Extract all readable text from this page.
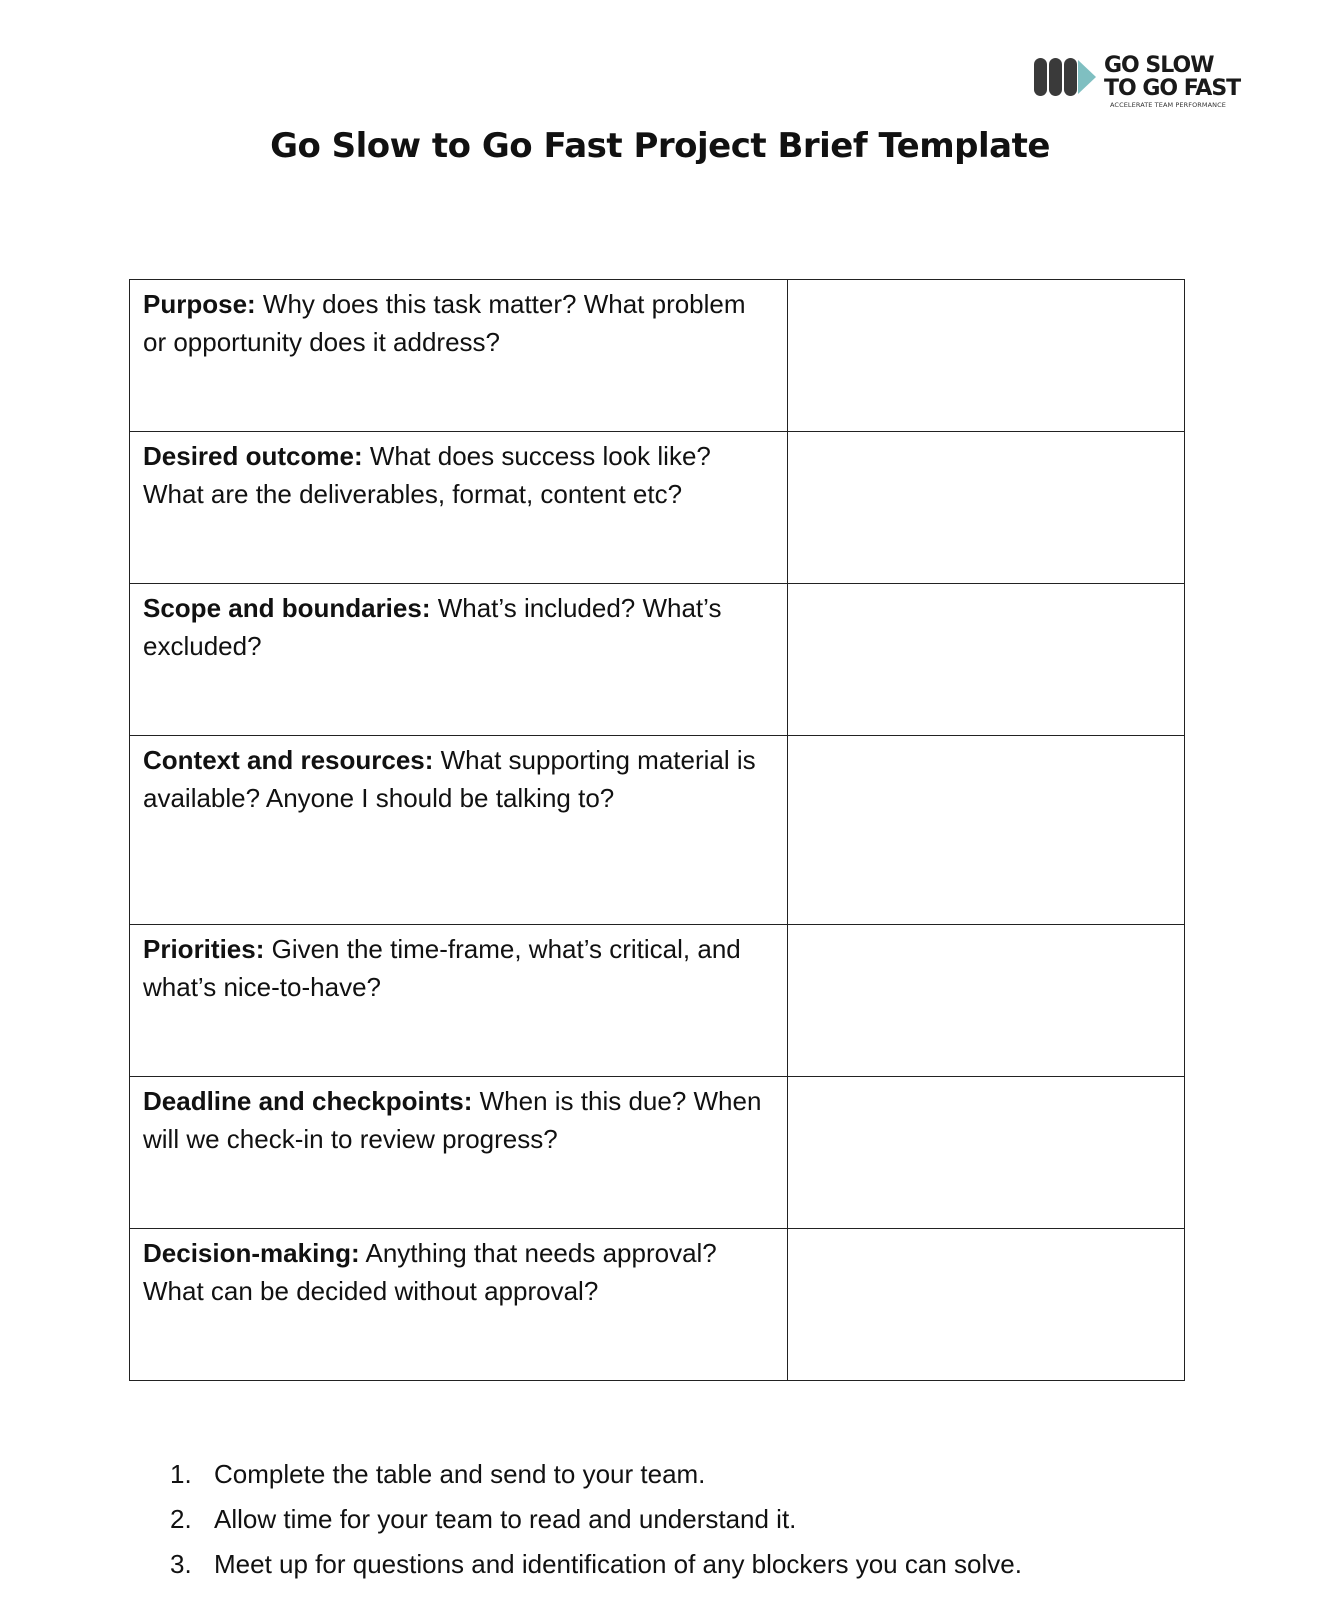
GO SLOW
TO GO FAST
ACCELERATE TEAM PERFORMANCE
Go Slow to Go Fast Project Brief Template
Purpose: Why does this task matter? What problem or opportunity does it address?	
Desired outcome: What does success look like? What are the deliverables, format, content etc?	
Scope and boundaries: What’s included? What’s excluded?	
Context and resources: What supporting material is available? Anyone I should be talking to?	
Priorities: Given the time-frame, what’s critical, and what’s nice-to-have?	
Deadline and checkpoints: When is this due? When will we check-in to review progress?	
Decision-making: Anything that needs approval? What can be decided without approval?	
1. Complete the table and send to your team.
2. Allow time for your team to read and understand it.
3. Meet up for questions and identification of any blockers you can solve.
